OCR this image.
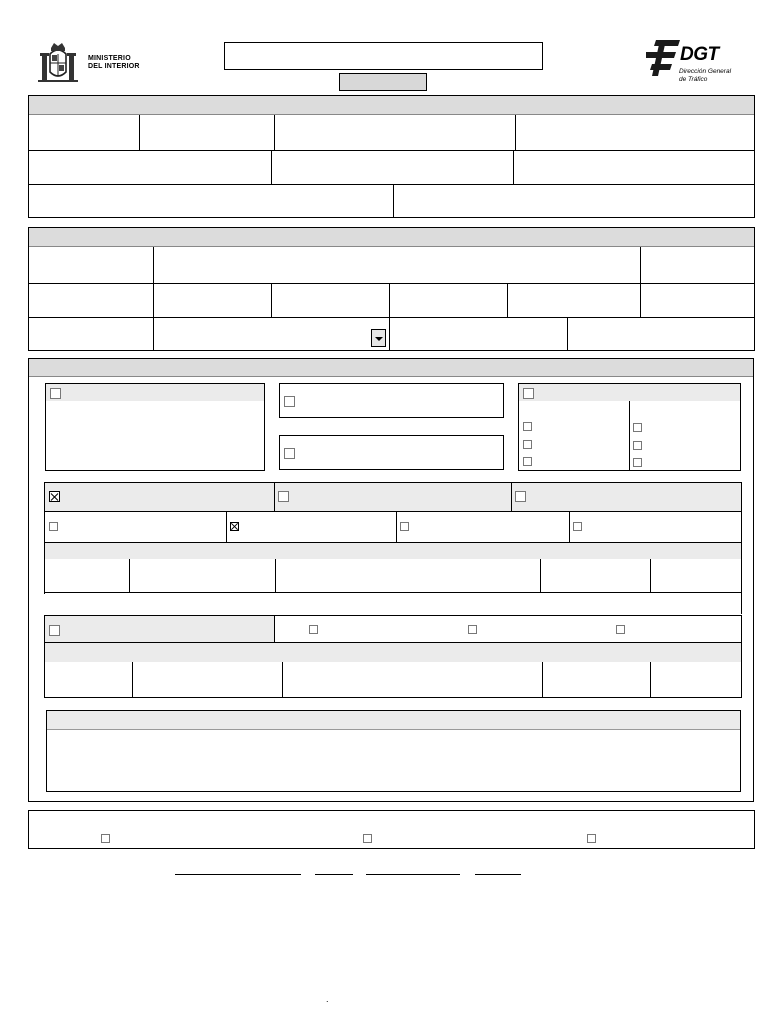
MINISTERIO
DEL INTERIOR
DGT
Dirección General
de Tráfico
.
